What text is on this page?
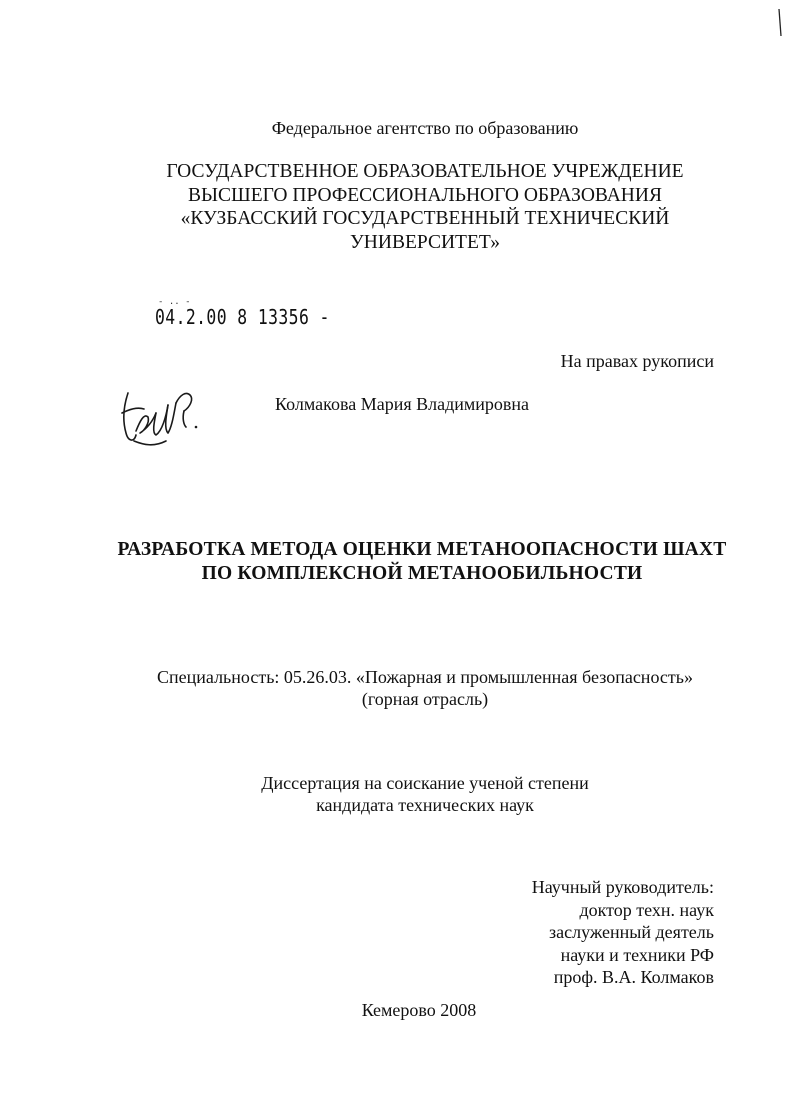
Федеральное агентство по образованию
ГОСУДАРСТВЕННОЕ ОБРАЗОВАТЕЛЬНОЕ УЧРЕЖДЕНИЕ
ВЫСШЕГО ПРОФЕССИОНАЛЬНОГО ОБРАЗОВАНИЯ
«КУЗБАССКИЙ ГОСУДАРСТВЕННЫЙ ТЕХНИЧЕСКИЙ
УНИВЕРСИТЕТ»
- .. -
04.2.00 8 13356 -
На правах рукописи
Колмакова Мария Владимировна
РАЗРАБОТКА МЕТОДА ОЦЕНКИ МЕТАНООПАСНОСТИ ШАХТ
ПО КОМПЛЕКСНОЙ МЕТАНООБИЛЬНОСТИ
Специальность: 05.26.03. «Пожарная и промышленная безопасность»
(горная отрасль)
Диссертация на соискание ученой степени
кандидата технических наук
Научный руководитель:
доктор техн. наук
заслуженный деятель
науки и техники РФ
проф. В.А. Колмаков
Кемерово 2008
